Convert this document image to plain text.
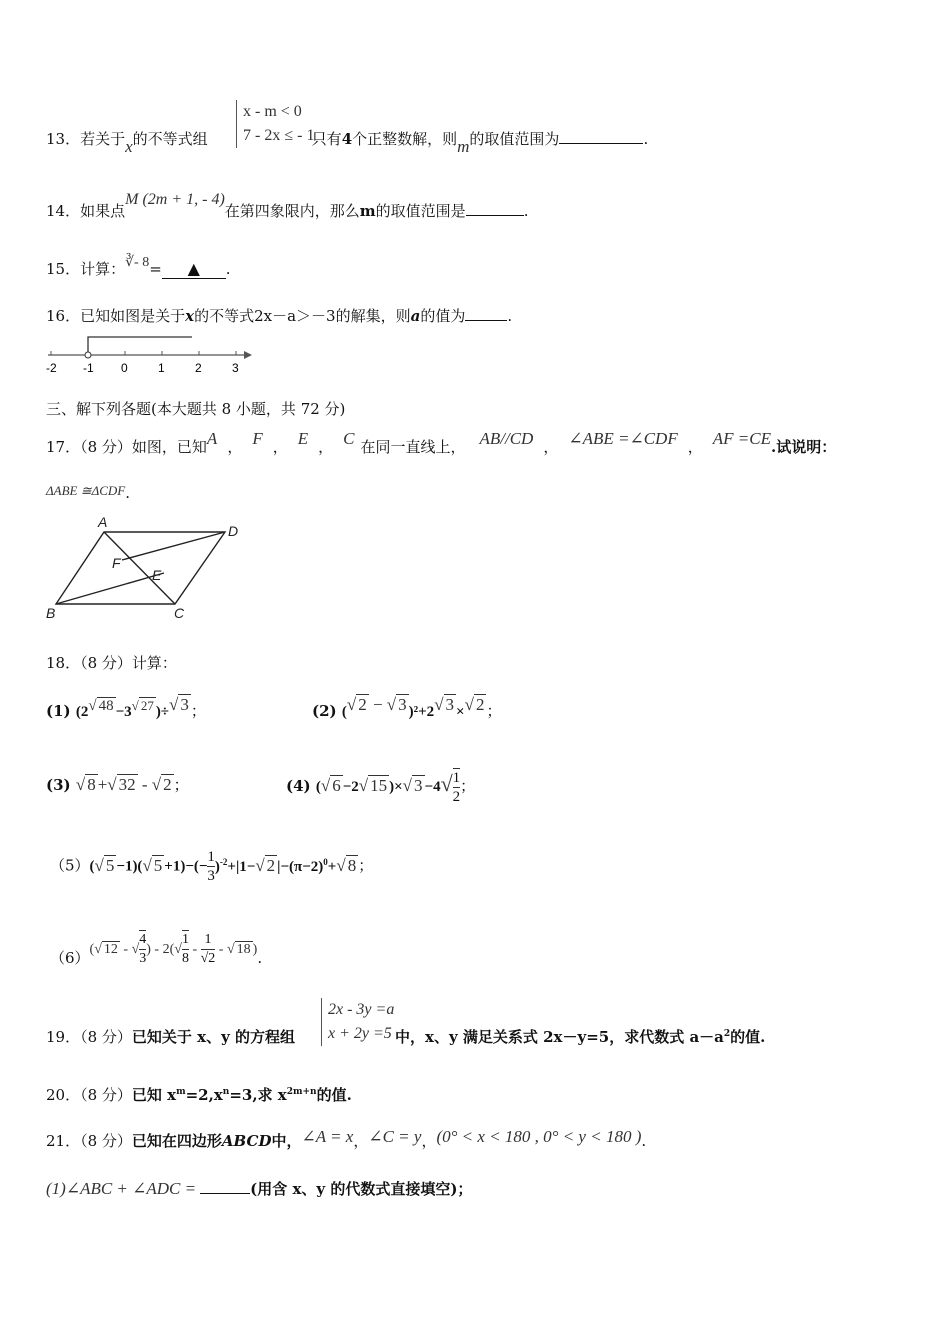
x - m < 0
7 - 2x ≤ - 1
13．若关于x的不等式组	只有4个正整数解，则m的取值范围为	.
14．如果点M (2m + 1, - 4)在第四象限内，那么m的取值范围是	.
15．计算：∛- 8= ▲ .
16．已知如图是关于x的不等式2x－a＞－3的解集，则a的值为	.
-2 -1 0	1	2	3
三、解下列各题(本大题共 8 小题，共 72 分)
17．（8 分）如图，已知A ， F ， E ， C 在同一直线上， AB//CD ， ∠ABE =∠CDF ， AF =CE.试说明：
ΔABE ≅ΔCDF.
A
D
F
E
B	C
18．（8 分）计算：
(1) (2√ 48 −3√ 27 )÷√ 3 ；	(2) (√ 2 − √ 3 )²+2√ 3 ×√ 2 ；
(3) √ 8 +√ 32 - √ 2 ；	(4) (√ 6 −2√ 15 )×√ $3 -4√ \frac{1}{2}$ ；
（5）(√ 5 −1)(√ $5 +1)-(- \frac{1}{3} )^{-2}+|1-√$ 2 $|-(\pi-2)^0+√$ 8 ；
（6）(√ 12 - √ $\frac{4}{3}$ ) - $2(√ \frac{1}{8} - \frac{1}{√2}$ - √ 18 ).
2x - 3y =a
x + 2y =5
19．（8 分）已知关于 x、y 的方程组	中，x、y 满足关系式 2x－y=5，求代数式 $a-a^2$的值.
20．（8 分）已知 $x^m=2,x^n=3$,求 $x^{2m+n}$的值.
21．（8 分）已知在四边形ABCD中，∠A = x，∠C = y，(0° < x < 180 , 0° < y < 180 ).
(1)∠ABC + ∠ADC =	(用含 x、y 的代数式直接填空)；
